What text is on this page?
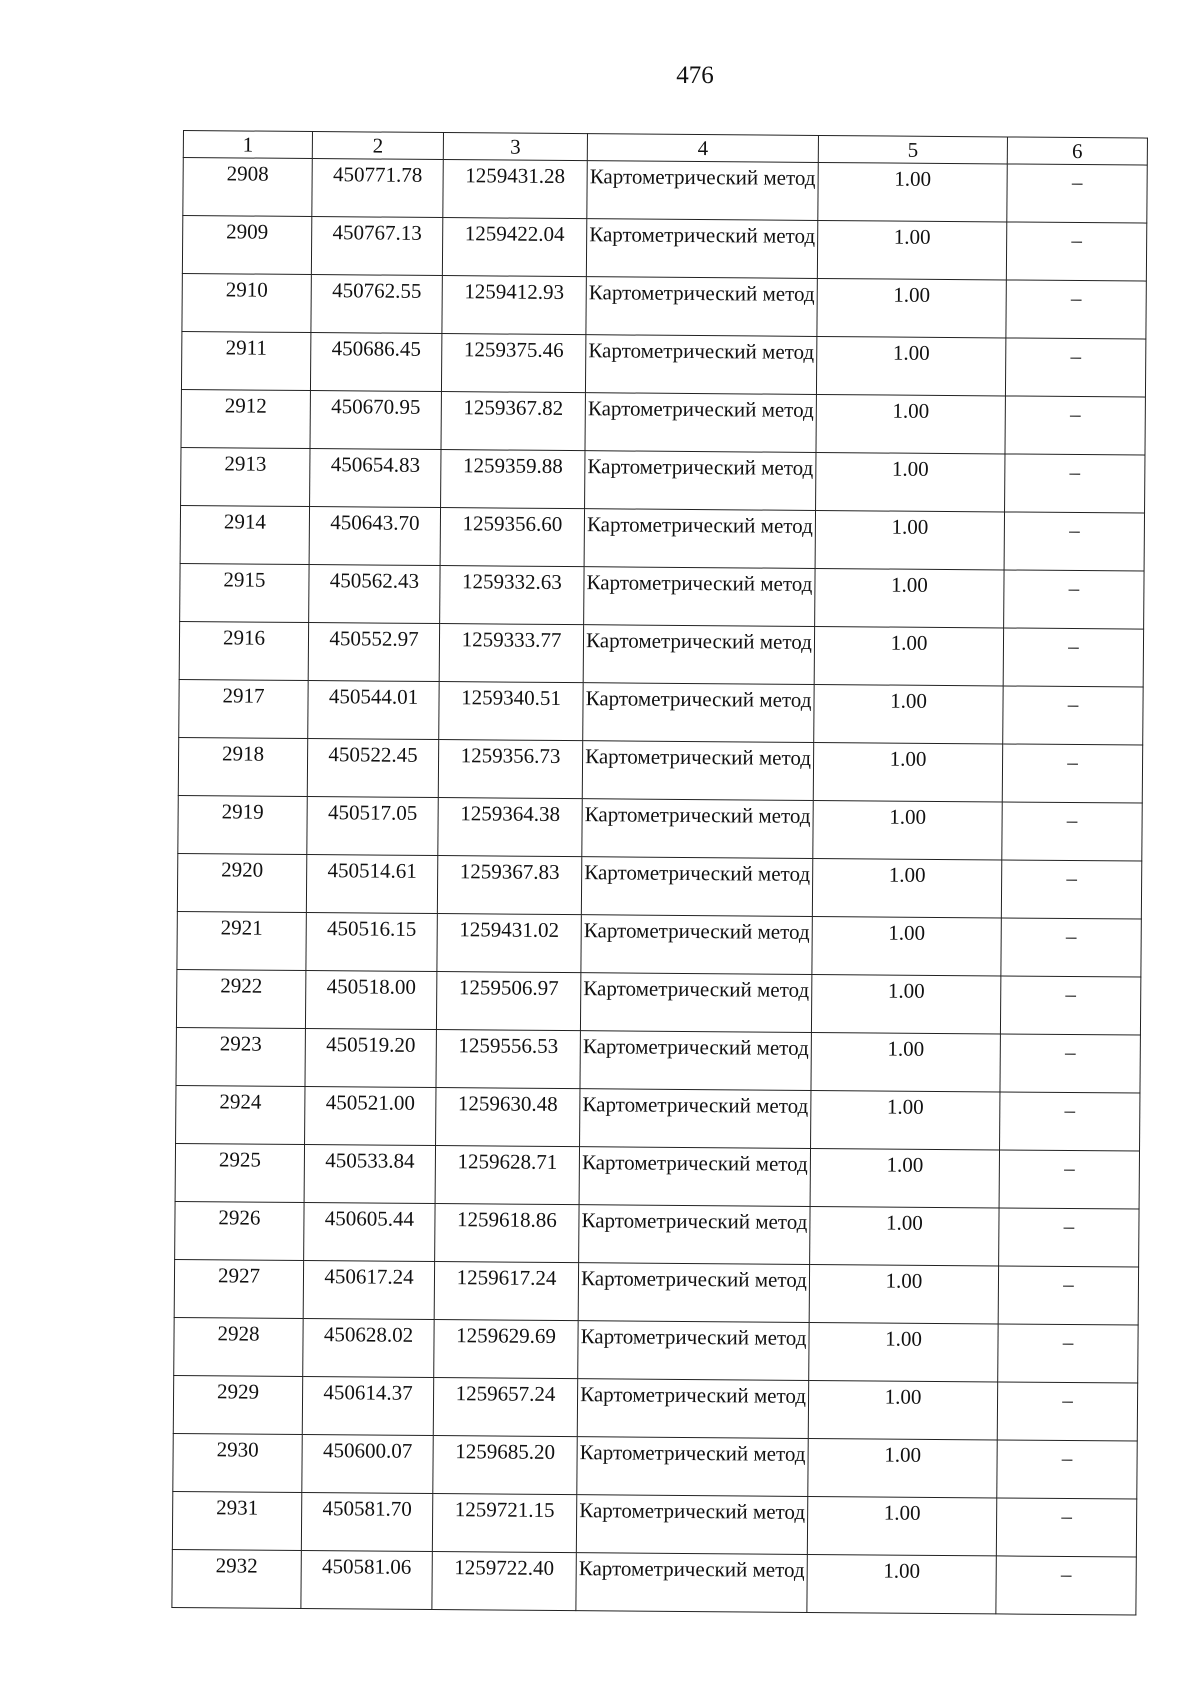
476
1	2	3	4	5	6
2908	450771.78	1259431.28	Картометрический метод	1.00	–
2909	450767.13	1259422.04	Картометрический метод	1.00	–
2910	450762.55	1259412.93	Картометрический метод	1.00	–
2911	450686.45	1259375.46	Картометрический метод	1.00	–
2912	450670.95	1259367.82	Картометрический метод	1.00	–
2913	450654.83	1259359.88	Картометрический метод	1.00	–
2914	450643.70	1259356.60	Картометрический метод	1.00	–
2915	450562.43	1259332.63	Картометрический метод	1.00	–
2916	450552.97	1259333.77	Картометрический метод	1.00	–
2917	450544.01	1259340.51	Картометрический метод	1.00	–
2918	450522.45	1259356.73	Картометрический метод	1.00	–
2919	450517.05	1259364.38	Картометрический метод	1.00	–
2920	450514.61	1259367.83	Картометрический метод	1.00	–
2921	450516.15	1259431.02	Картометрический метод	1.00	–
2922	450518.00	1259506.97	Картометрический метод	1.00	–
2923	450519.20	1259556.53	Картометрический метод	1.00	–
2924	450521.00	1259630.48	Картометрический метод	1.00	–
2925	450533.84	1259628.71	Картометрический метод	1.00	–
2926	450605.44	1259618.86	Картометрический метод	1.00	–
2927	450617.24	1259617.24	Картометрический метод	1.00	–
2928	450628.02	1259629.69	Картометрический метод	1.00	–
2929	450614.37	1259657.24	Картометрический метод	1.00	–
2930	450600.07	1259685.20	Картометрический метод	1.00	–
2931	450581.70	1259721.15	Картометрический метод	1.00	–
2932	450581.06	1259722.40	Картометрический метод	1.00	–
